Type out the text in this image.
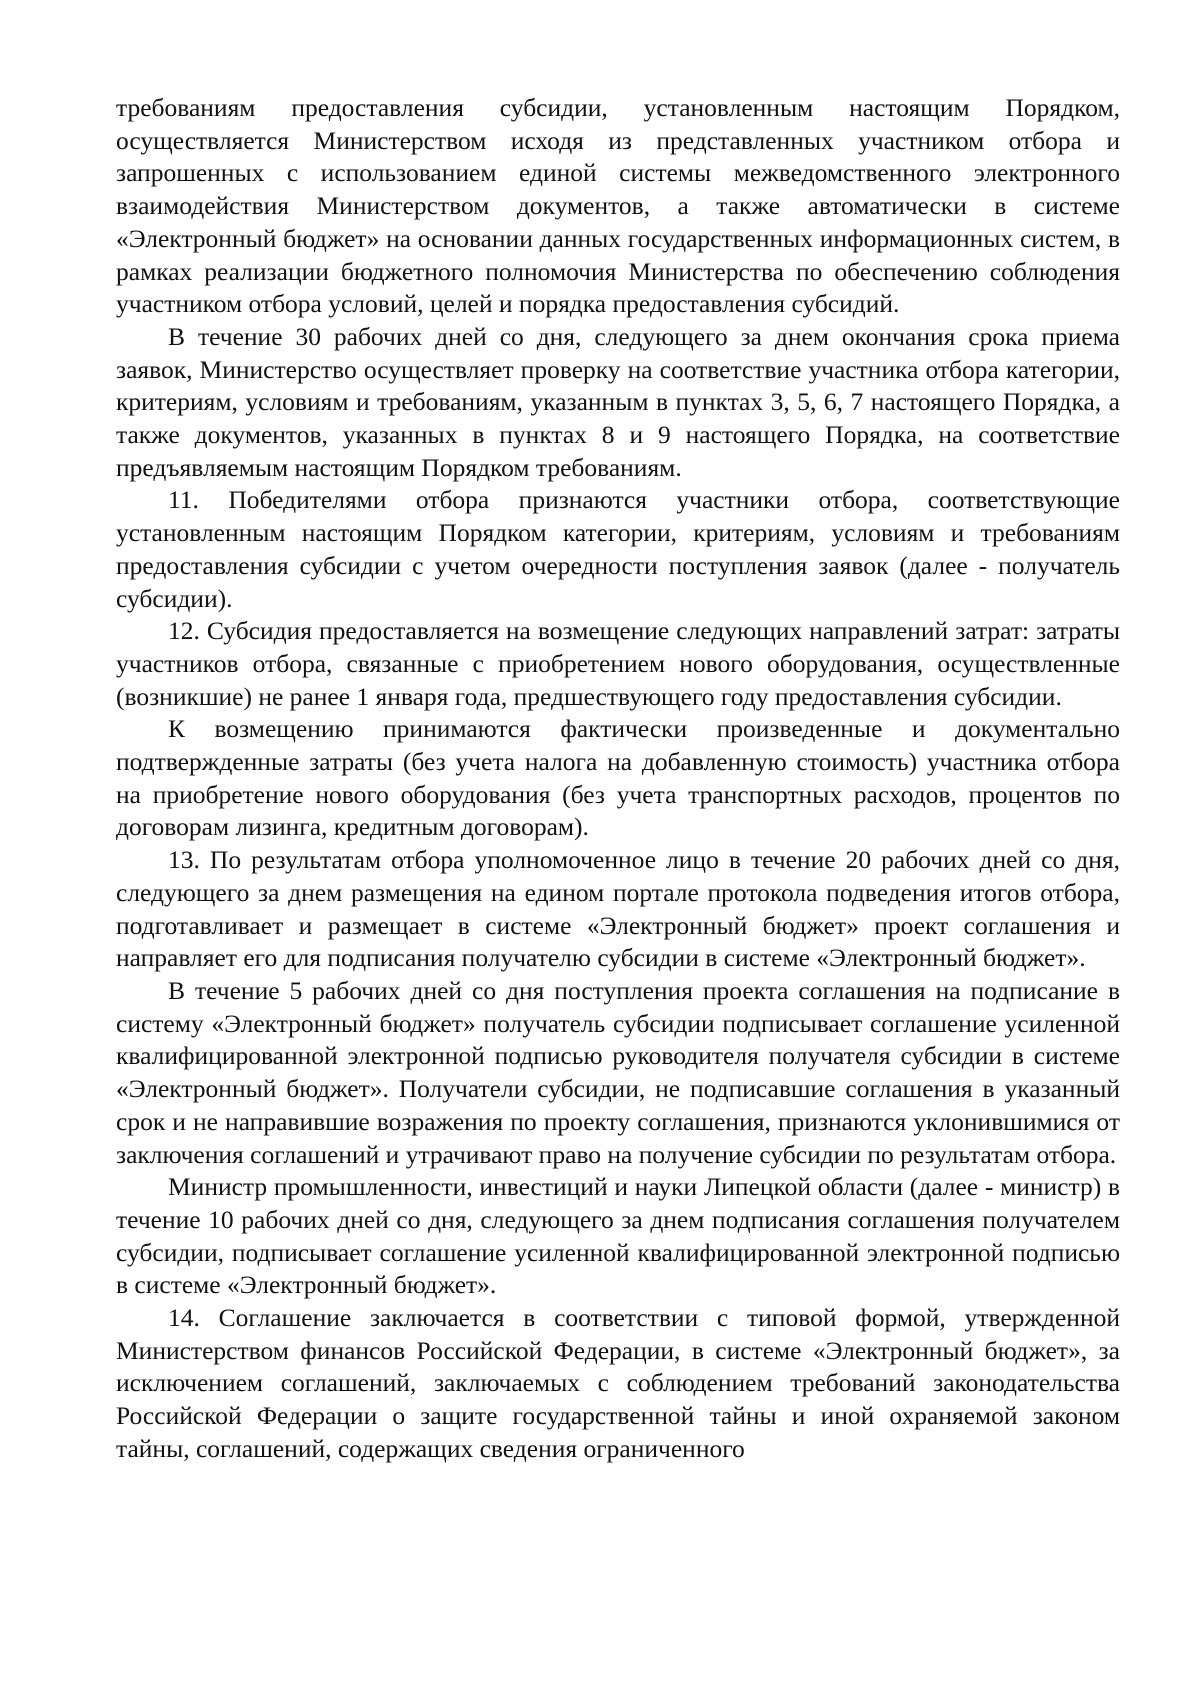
требованиям предоставления субсидии, установленным настоящим Порядком, осуществляется Министерством исходя из представленных участником отбора и запрошенных с использованием единой системы межведомственного электронного взаимодействия Министерством документов, а также автоматически в системе «Электронный бюджет» на основании данных государственных информационных систем, в рамках реализации бюджетного полномочия Министерства по обеспечению соблюдения участником отбора условий, целей и порядка предоставления субсидий.

В течение 30 рабочих дней со дня, следующего за днем окончания срока приема заявок, Министерство осуществляет проверку на соответствие участника отбора категории, критериям, условиям и требованиям, указанным в пунктах 3, 5, 6, 7 настоящего Порядка, а также документов, указанных в пунктах 8 и 9 настоящего Порядка, на соответствие предъявляемым настоящим Порядком требованиям.

11. Победителями отбора признаются участники отбора, соответствующие установленным настоящим Порядком категории, критериям, условиям и требованиям предоставления субсидии с учетом очередности поступления заявок (далее - получатель субсидии).

12. Субсидия предоставляется на возмещение следующих направлений затрат: затраты участников отбора, связанные с приобретением нового оборудования, осуществленные (возникшие) не ранее 1 января года, предшествующего году предоставления субсидии.

К возмещению принимаются фактически произведенные и документально подтвержденные затраты (без учета налога на добавленную стоимость) участника отбора на приобретение нового оборудования (без учета транспортных расходов, процентов по договорам лизинга, кредитным договорам).

13. По результатам отбора уполномоченное лицо в течение 20 рабочих дней со дня, следующего за днем размещения на едином портале протокола подведения итогов отбора, подготавливает и размещает в системе «Электронный бюджет» проект соглашения и направляет его для подписания получателю субсидии в системе «Электронный бюджет».

В течение 5 рабочих дней со дня поступления проекта соглашения на подписание в систему «Электронный бюджет» получатель субсидии подписывает соглашение усиленной квалифицированной электронной подписью руководителя получателя субсидии в системе «Электронный бюджет». Получатели субсидии, не подписавшие соглашения в указанный срок и не направившие возражения по проекту соглашения, признаются уклонившимися от заключения соглашений и утрачивают право на получение субсидии по результатам отбора.

Министр промышленности, инвестиций и науки Липецкой области (далее - министр) в течение 10 рабочих дней со дня, следующего за днем подписания соглашения получателем субсидии, подписывает соглашение усиленной квалифицированной электронной подписью в системе «Электронный бюджет».

14. Соглашение заключается в соответствии с типовой формой, утвержденной Министерством финансов Российской Федерации, в системе «Электронный бюджет», за исключением соглашений, заключаемых с соблюдением требований законодательства Российской Федерации о защите государственной тайны и иной охраняемой законом тайны, соглашений, содержащих сведения ограниченного
